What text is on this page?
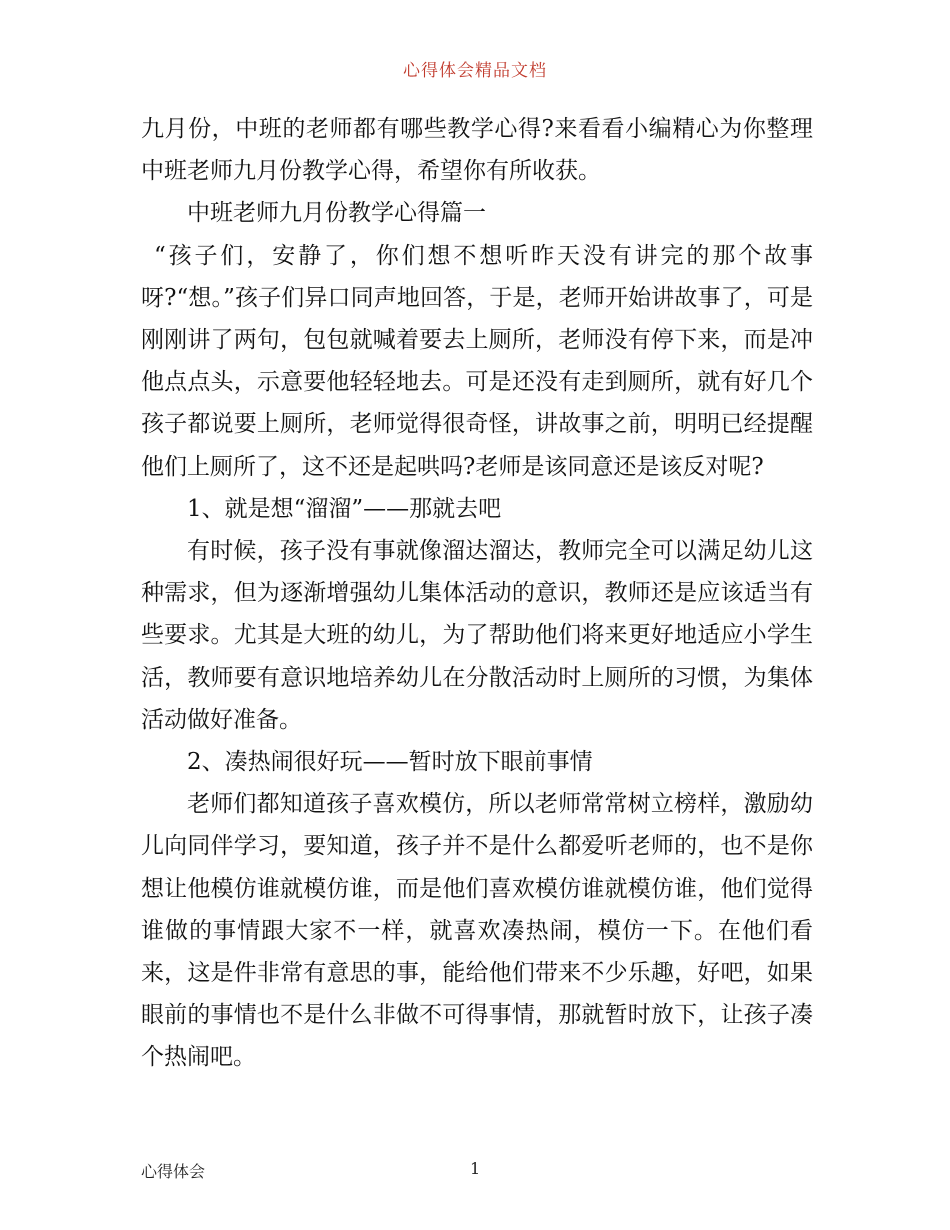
心得体会精品文档

九月份，中班的老师都有哪些教学心得?来看看小编精心为你整理中班老师九月份教学心得，希望你有所收获。

中班老师九月份教学心得篇一

“孩子们，安静了，你们想不想听昨天没有讲完的那个故事呀?“想。”孩子们异口同声地回答，于是，老师开始讲故事了，可是刚刚讲了两句，包包就喊着要去上厕所，老师没有停下来，而是冲他点点头，示意要他轻轻地去。可是还没有走到厕所，就有好几个孩子都说要上厕所，老师觉得很奇怪，讲故事之前，明明已经提醒他们上厕所了，这不还是起哄吗?老师是该同意还是该反对呢?

1、就是想“溜溜”——那就去吧

有时候，孩子没有事就像溜达溜达，教师完全可以满足幼儿这种需求，但为逐渐增强幼儿集体活动的意识，教师还是应该适当有些要求。尤其是大班的幼儿，为了帮助他们将来更好地适应小学生活，教师要有意识地培养幼儿在分散活动时上厕所的习惯，为集体活动做好准备。

2、凑热闹很好玩——暂时放下眼前事情

老师们都知道孩子喜欢模仿，所以老师常常树立榜样，激励幼儿向同伴学习，要知道，孩子并不是什么都爱听老师的，也不是你想让他模仿谁就模仿谁，而是他们喜欢模仿谁就模仿谁，他们觉得谁做的事情跟大家不一样，就喜欢凑热闹，模仿一下。在他们看来，这是件非常有意思的事，能给他们带来不少乐趣，好吧，如果眼前的事情也不是什么非做不可得事情，那就暂时放下，让孩子凑个热闹吧。

心得体会	1
